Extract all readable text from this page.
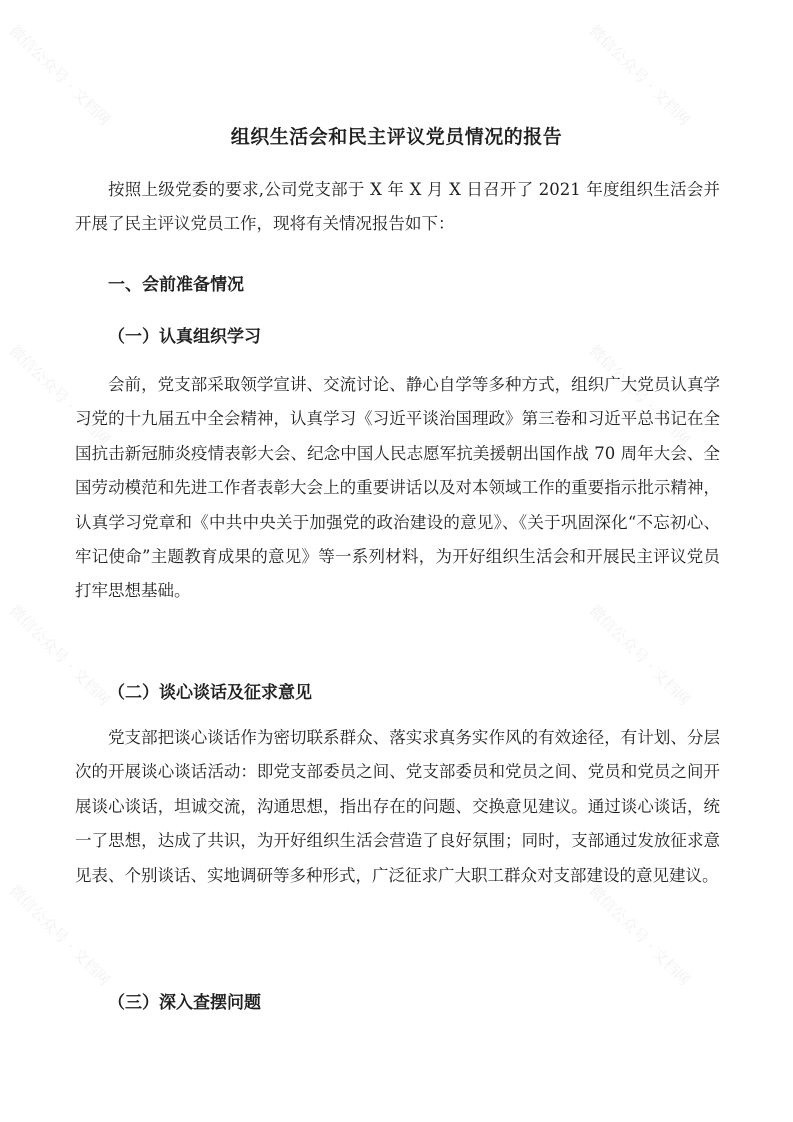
微信公众号 · 文档网	微信公众号 · 文档网
微信公众号 · 文档网	微信公众号 · 文档网
微信公众号 · 文档网	微信公众号 · 文档网
微信公众号 · 文档网	微信公众号 · 文档网
组织生活会和民主评议党员情况的报告

按照上级党委的要求,公司党支部于 X 年 X 月 X 日召开了 2021 年度组织生活会并开展了民主评议党员工作，现将有关情况报告如下：

一、会前准备情况
（一）认真组织学习

会前，党支部采取领学宣讲、交流讨论、静心自学等多种方式，组织广大党员认真学习党的十九届五中全会精神，认真学习《习近平谈治国理政》第三卷和习近平总书记在全国抗击新冠肺炎疫情表彰大会、纪念中国人民志愿军抗美援朝出国作战 70 周年大会、全国劳动模范和先进工作者表彰大会上的重要讲话以及对本领域工作的重要指示批示精神，认真学习党章和《中共中央关于加强党的政治建设的意见》、《关于巩固深化“不忘初心、牢记使命”主题教育成果的意见》等一系列材料，为开好组织生活会和开展民主评议党员打牢思想基础。

（二）谈心谈话及征求意见

党支部把谈心谈话作为密切联系群众、落实求真务实作风的有效途径，有计划、分层次的开展谈心谈话活动：即党支部委员之间、党支部委员和党员之间、党员和党员之间开展谈心谈话，坦诚交流，沟通思想，指出存在的问题、交换意见建议。通过谈心谈话，统一了思想，达成了共识，为开好组织生活会营造了良好氛围；同时，支部通过发放征求意见表、个别谈话、实地调研等多种形式，广泛征求广大职工群众对支部建设的意见建议。

（三）深入查摆问题
